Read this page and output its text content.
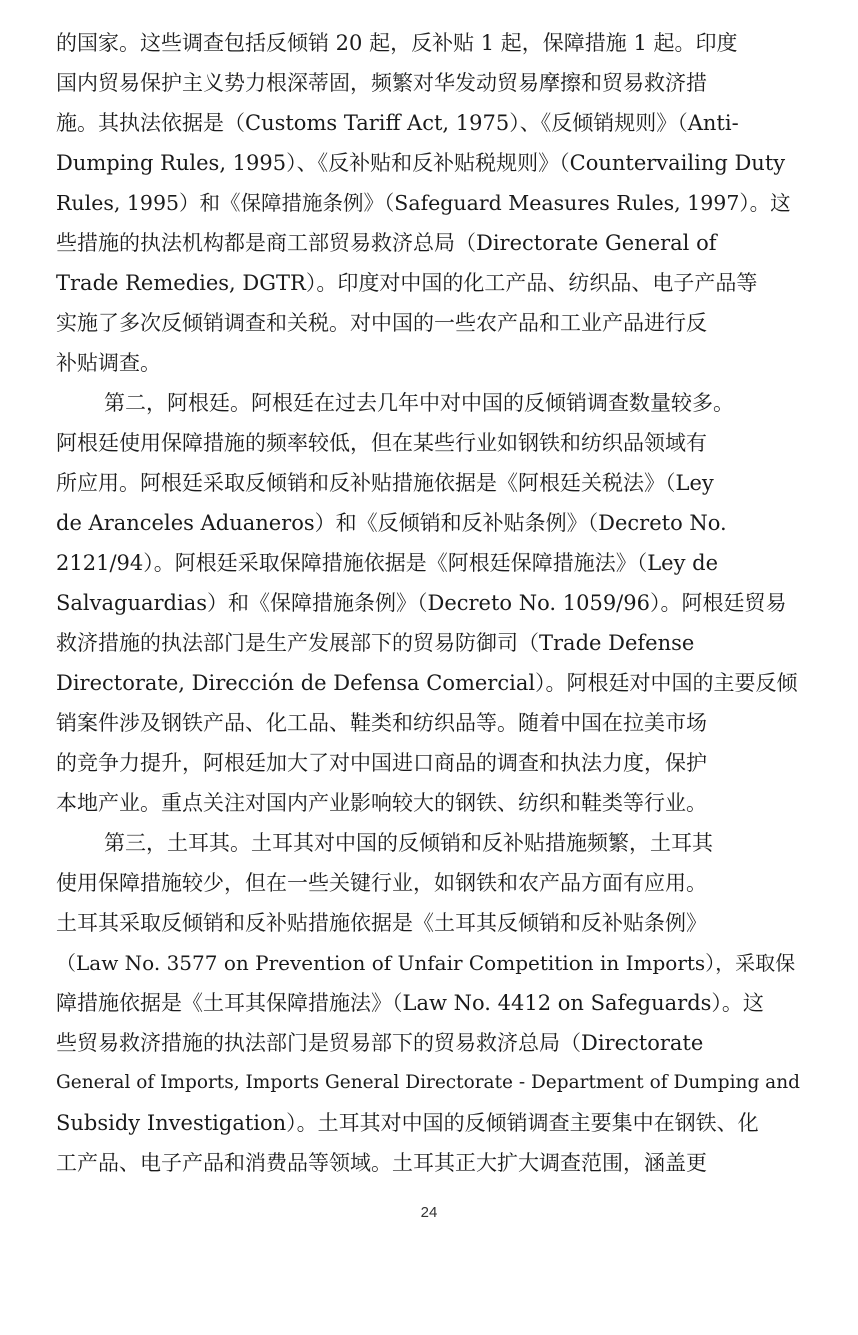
的国家。这些调查包括反倾销 20 起，反补贴 1 起，保障措施 1 起。印度
国内贸易保护主义势力根深蒂固，频繁对华发动贸易摩擦和贸易救济措
施。其执法依据是（Customs Tariff Act, 1975）、《反倾销规则》（Anti-
Dumping Rules, 1995）、《反补贴和反补贴税规则》（Countervailing Duty
Rules, 1995）和《保障措施条例》（Safeguard Measures Rules, 1997）。这
些措施的执法机构都是商工部贸易救济总局（Directorate General of
Trade Remedies, DGTR）。印度对中国的化工产品、纺织品、电子产品等
实施了多次反倾销调查和关税。对中国的一些农产品和工业产品进行反
补贴调查。
第二，阿根廷。阿根廷在过去几年中对中国的反倾销调查数量较多。
阿根廷使用保障措施的频率较低，但在某些行业如钢铁和纺织品领域有
所应用。阿根廷采取反倾销和反补贴措施依据是《阿根廷关税法》（Ley
de Aranceles Aduaneros）和《反倾销和反补贴条例》（Decreto No.
2121/94）。阿根廷采取保障措施依据是《阿根廷保障措施法》（Ley de
Salvaguardias）和《保障措施条例》（Decreto No. 1059/96）。阿根廷贸易
救济措施的执法部门是生产发展部下的贸易防御司（Trade Defense
Directorate, Dirección de Defensa Comercial）。阿根廷对中国的主要反倾
销案件涉及钢铁产品、化工品、鞋类和纺织品等。随着中国在拉美市场
的竞争力提升，阿根廷加大了对中国进口商品的调查和执法力度，保护
本地产业。重点关注对国内产业影响较大的钢铁、纺织和鞋类等行业。
第三，土耳其。土耳其对中国的反倾销和反补贴措施频繁，土耳其
使用保障措施较少，但在一些关键行业，如钢铁和农产品方面有应用。
土耳其采取反倾销和反补贴措施依据是《土耳其反倾销和反补贴条例》
（Law No. 3577 on Prevention of Unfair Competition in Imports），采取保
障措施依据是《土耳其保障措施法》（Law No. 4412 on Safeguards）。这
些贸易救济措施的执法部门是贸易部下的贸易救济总局（Directorate
General of Imports, Imports General Directorate - Department of Dumping and
Subsidy Investigation）。土耳其对中国的反倾销调查主要集中在钢铁、化
工产品、电子产品和消费品等领域。土耳其正大扩大调查范围，涵盖更
24
